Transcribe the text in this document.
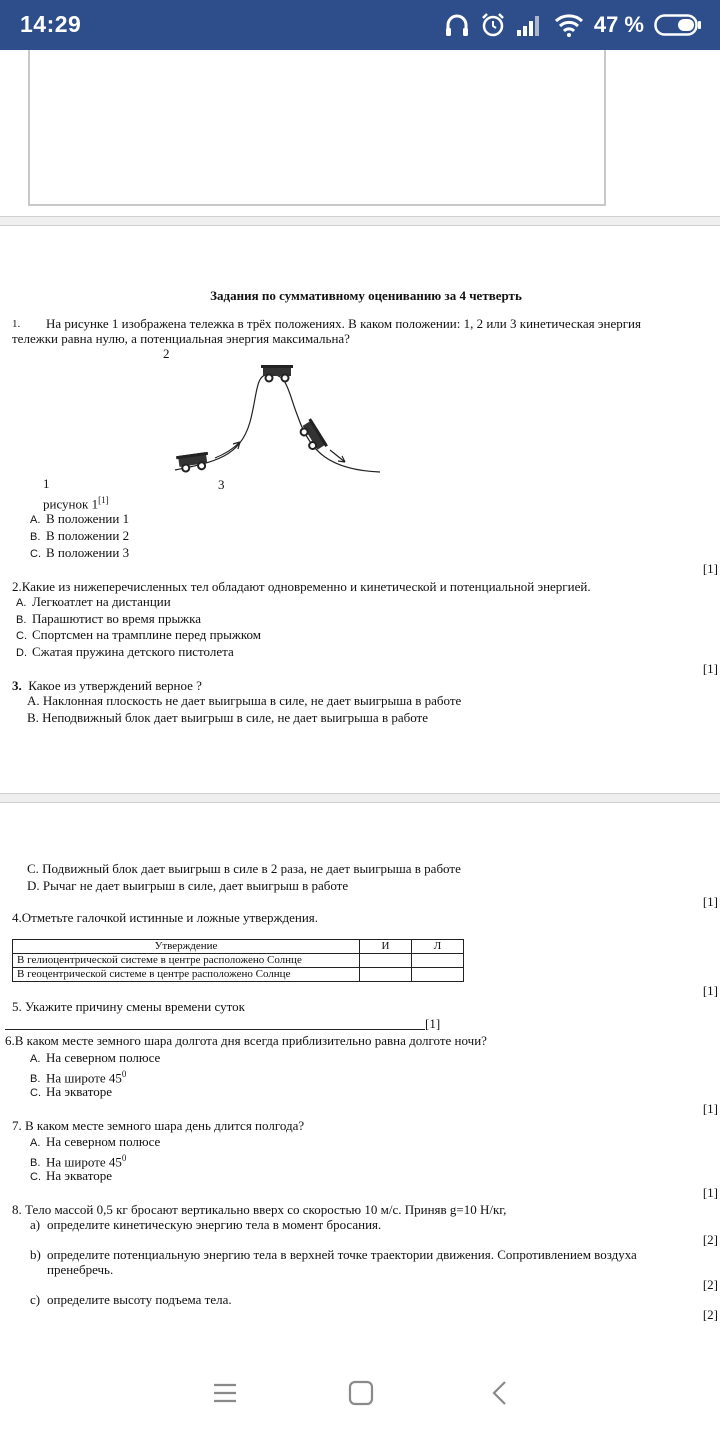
14:29	47 %
Задания по суммативному оцениванию за 4 четверть
1. На рисунке 1 изображена тележка в трёх положениях. В каком положении: 1, 2 или 3 кинетическая энергия
тележки равна нулю, а потенциальная энергия максимальна?
2
1	3
рисунок 1[1]
A. В положении 1
B. В положении 2
C. В положении 3
[1]
2.Какие из нижеперечисленных тел обладают одновременно и кинетической и потенциальной энергией.
A. Легкоатлет на дистанции
B. Парашютист во время прыжка
C. Спортсмен на трамплине перед прыжком
D. Сжатая пружина детского пистолета
[1]
3. Какое из утверждений верное ?
A. Наклонная плоскость не дает выигрыша в силе, не дает выигрыша в работе
B. Неподвижный блок дает выигрыш в силе, не дает выигрыша в работе
C. Подвижный блок дает выигрыш в силе в 2 раза, не дает выигрыша в работе
D. Рычаг не дает выигрыш в силе, дает выигрыш в работе
[1]
4.Отметьте галочкой истинные и ложные утверждения.
Утверждение	И	Л
В гелиоцентрической системе в центре расположено Солнце		
В геоцентрической системе в центре расположено Солнце		
[1]
5. Укажите причину смены времени суток
[1]
6.В каком месте земного шара долгота дня всегда приблизительно равна долготе ночи?
A. На северном полюсе
B. На широте $45^0$
C. На экваторе
[1]
7. В каком месте земного шара день длится полгода?
A. На северном полюсе
B. На широте $45^0$
C. На экваторе
[1]
8. Тело массой 0,5 кг бросают вертикально вверх со скоростью 10 м/с. Приняв g=10 Н/кг,
a) определите кинетическую энергию тела в момент бросания.
[2]
b) определите потенциальную энергию тела в верхней точке траектории движения. Сопротивлением воздуха
пренебречь.
[2]
c) определите высоту подъема тела.
[2]
